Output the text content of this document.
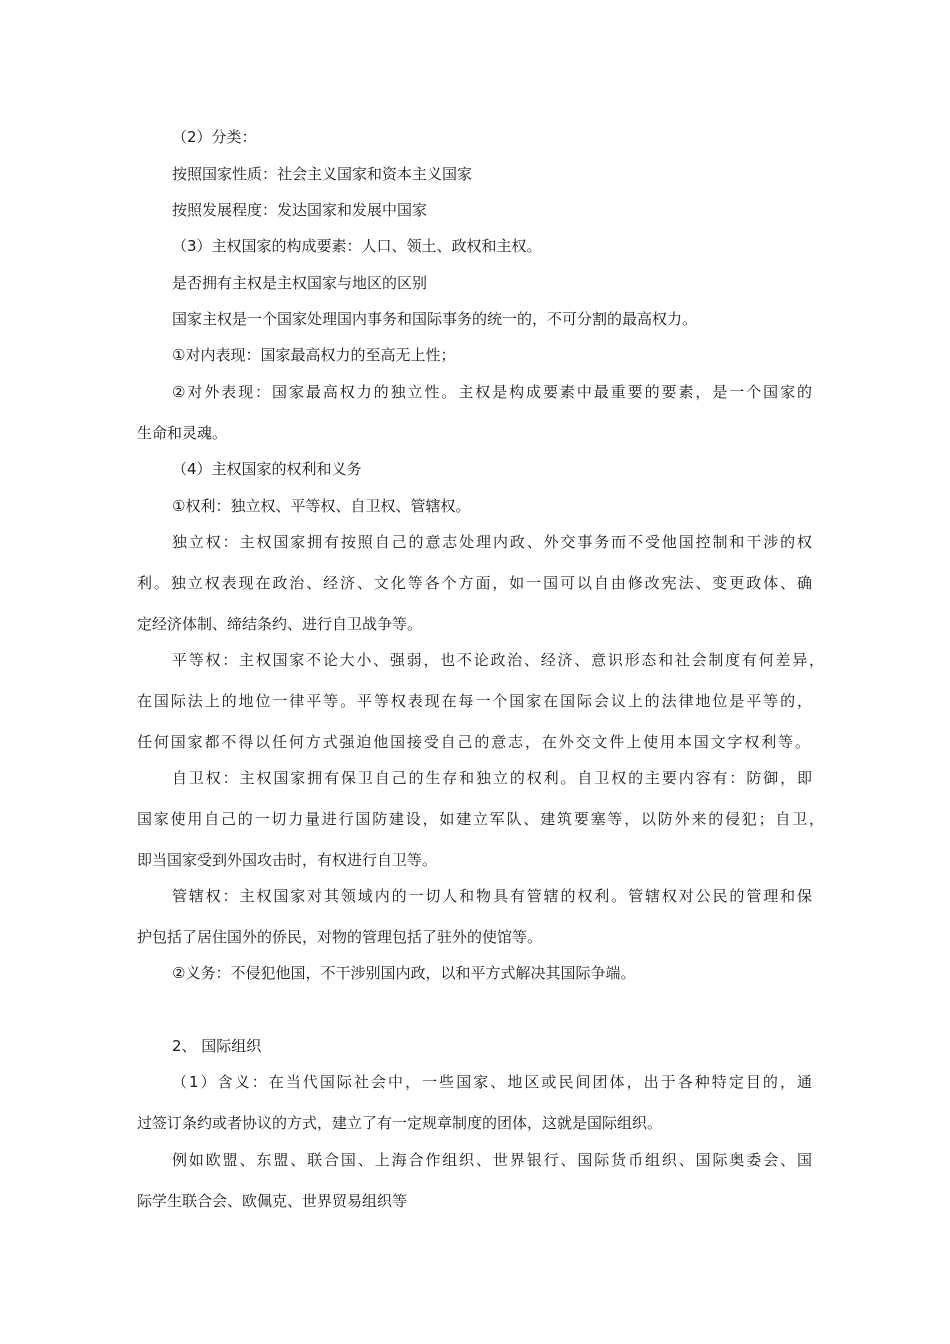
（2）分类：
按照国家性质：社会主义国家和资本主义国家
按照发展程度：发达国家和发展中国家
（3）主权国家的构成要素：人口、领土、政权和主权。
是否拥有主权是主权国家与地区的区别
国家主权是一个国家处理国内事务和国际事务的统一的，不可分割的最高权力。
①对内表现：国家最高权力的至高无上性；
②对外表现：国家最高权力的独立性。主权是构成要素中最重要的要素，是一个国家的
生命和灵魂。
（4）主权国家的权利和义务
①权利：独立权、平等权、自卫权、管辖权。
独立权：主权国家拥有按照自己的意志处理内政、外交事务而不受他国控制和干涉的权
利。独立权表现在政治、经济、文化等各个方面，如一国可以自由修改宪法、变更政体、确
定经济体制、缔结条约、进行自卫战争等。
平等权：主权国家不论大小、强弱，也不论政治、经济、意识形态和社会制度有何差异，
在国际法上的地位一律平等。平等权表现在每一个国家在国际会议上的法律地位是平等的，
任何国家都不得以任何方式强迫他国接受自己的意志，在外交文件上使用本国文字权利等。
自卫权：主权国家拥有保卫自己的生存和独立的权利。自卫权的主要内容有：防御，即
国家使用自己的一切力量进行国防建设，如建立军队、建筑要塞等，以防外来的侵犯；自卫，
即当国家受到外国攻击时，有权进行自卫等。
管辖权：主权国家对其领域内的一切人和物具有管辖的权利。管辖权对公民的管理和保
护包括了居住国外的侨民，对物的管理包括了驻外的使馆等。
②义务：不侵犯他国，不干涉别国内政，以和平方式解决其国际争端。
2、 国际组织
（1）含义：在当代国际社会中，一些国家、地区或民间团体，出于各种特定目的，通
过签订条约或者协议的方式，建立了有一定规章制度的团体，这就是国际组织。
例如欧盟、东盟、联合国、上海合作组织、世界银行、国际货币组织、国际奥委会、国
际学生联合会、欧佩克、世界贸易组织等
